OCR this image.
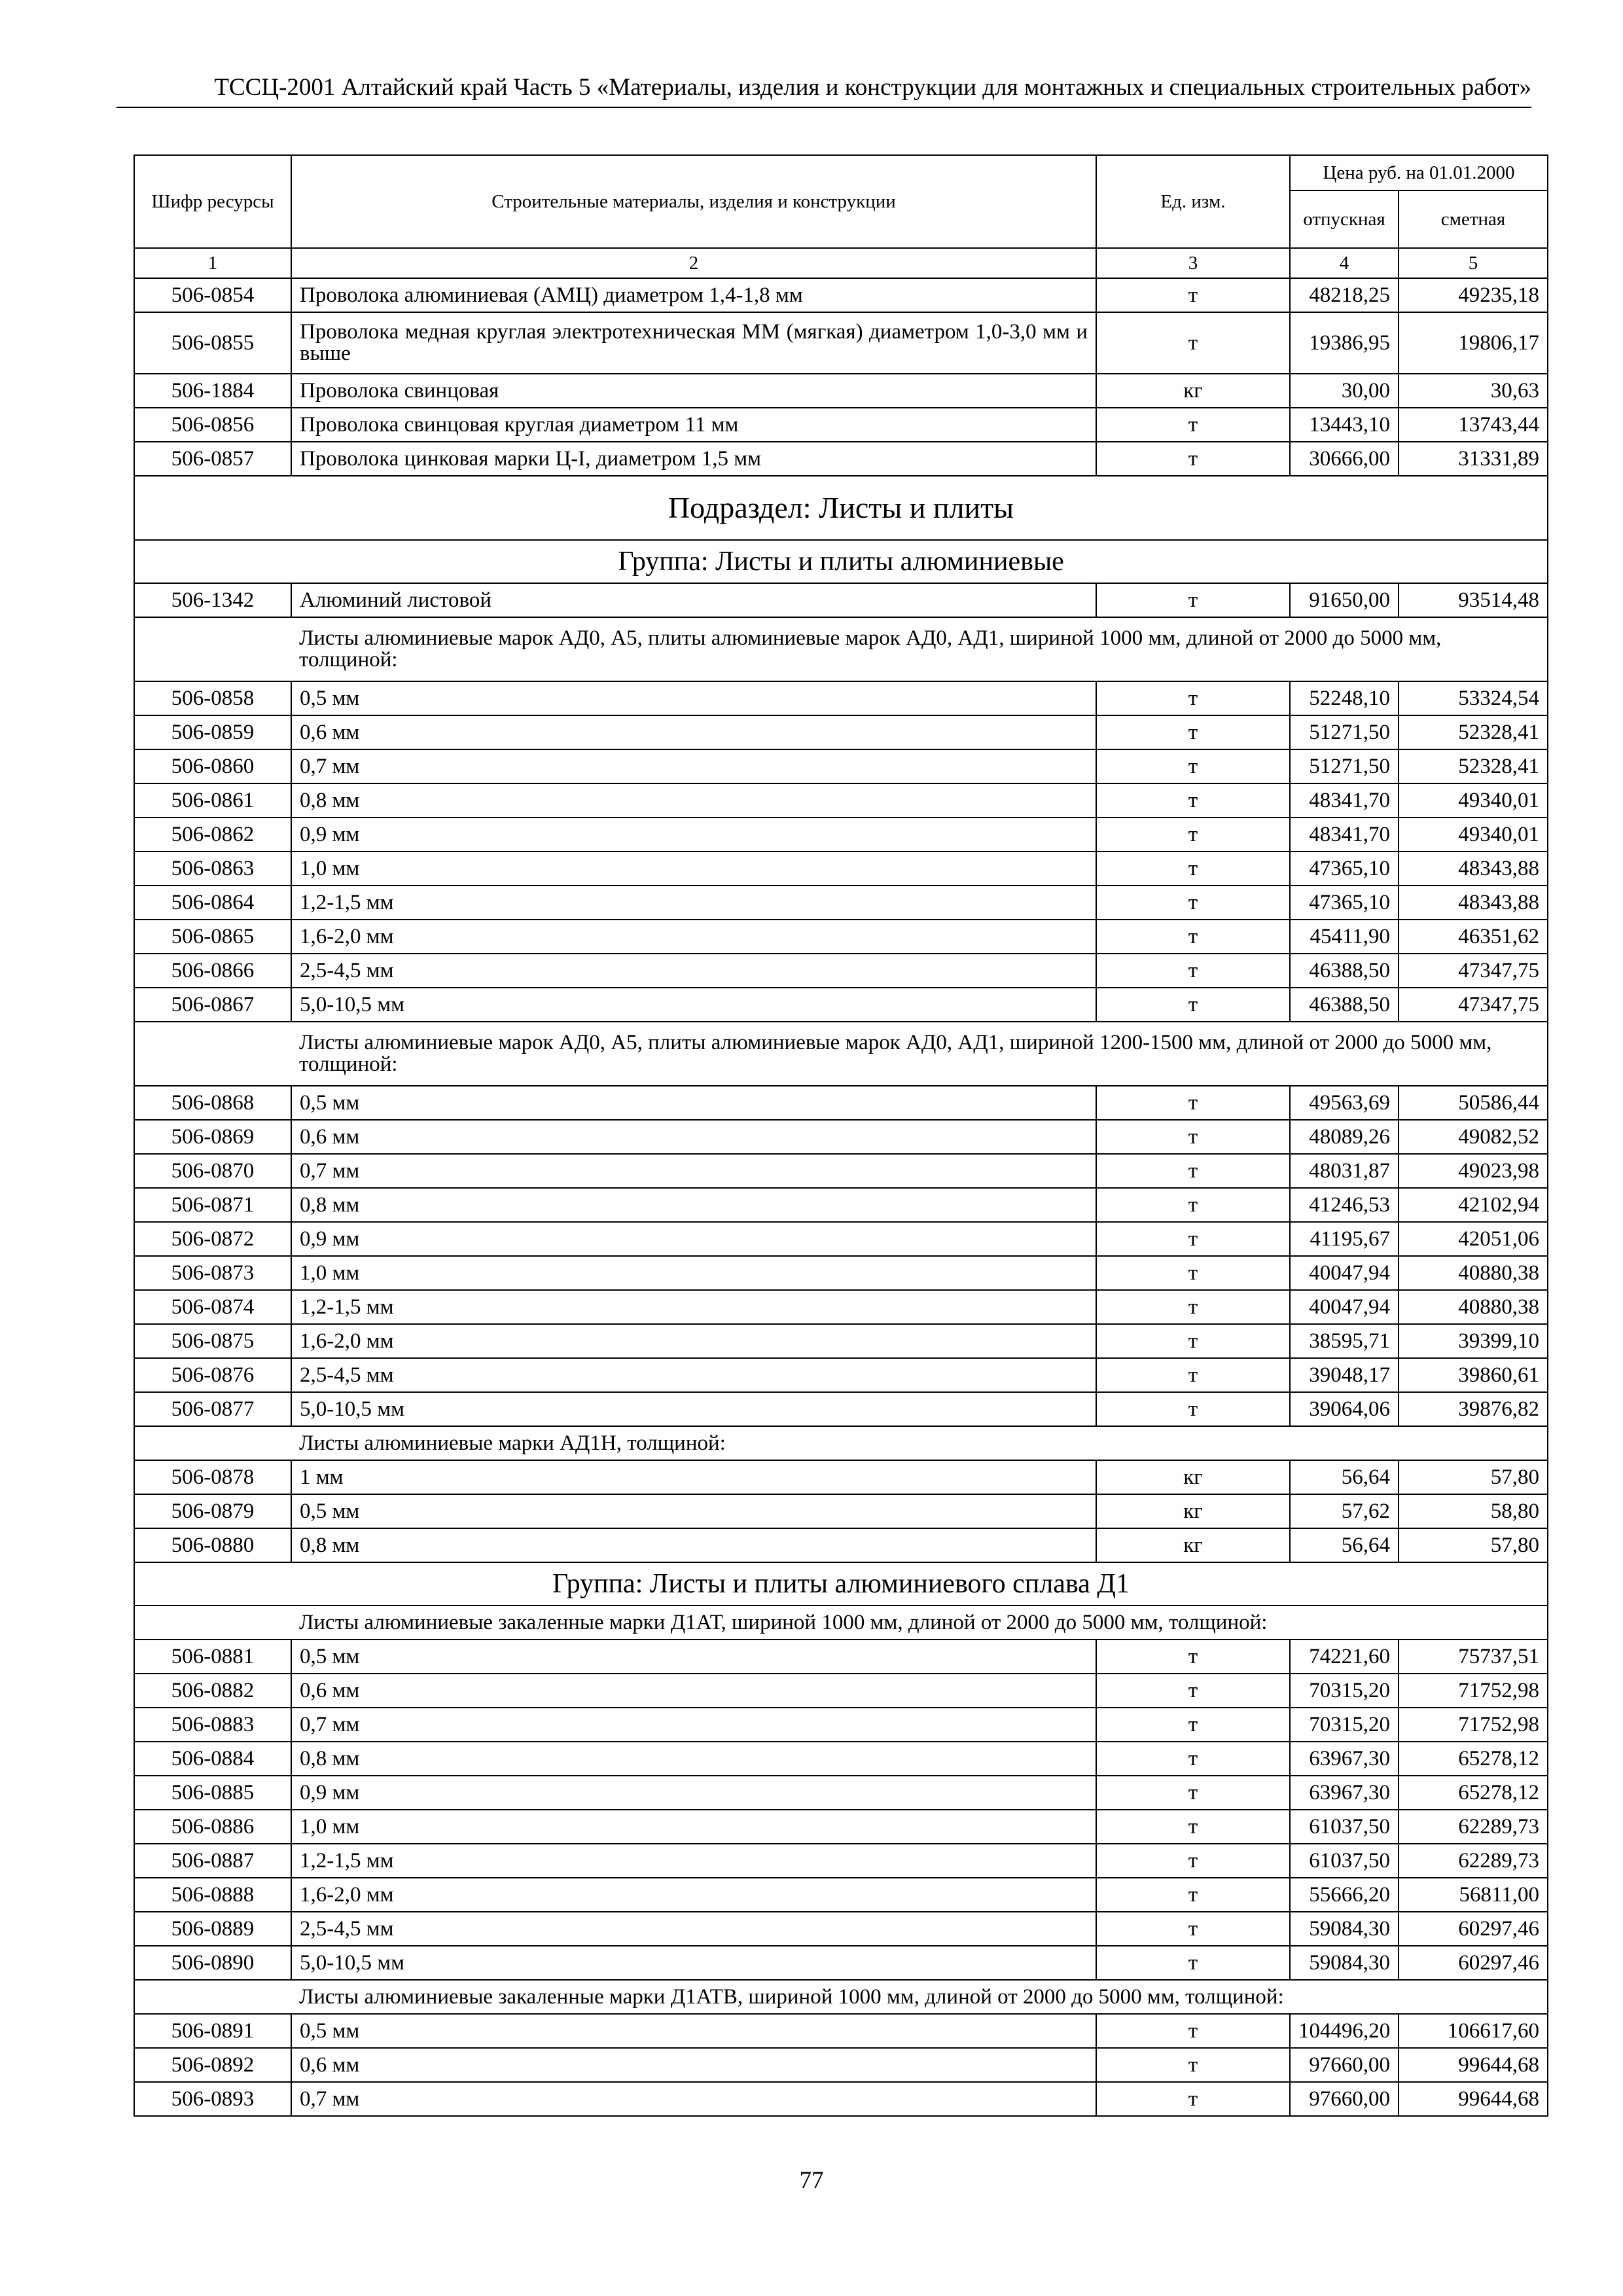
ТССЦ-2001 Алтайский край Часть 5 «Материалы, изделия и конструкции для монтажных и специальных строительных работ»
Шифр ресурсы	Строительные материалы, изделия и конструкции	Ед. изм.	Цена руб. на 01.01.2000	
			отпускная	сметная
1	2	3	4	5
506-0854	Проволока алюминиевая (АМЦ) диаметром 1,4-1,8 мм	т	48218,25	49235,18
506-0855	Проволока медная круглая электротехническая ММ (мягкая) диаметром 1,0-3,0 мм и выше	т	19386,95	19806,17
506-1884	Проволока свинцовая	кг	30,00	30,63
506-0856	Проволока свинцовая круглая диаметром 11 мм	т	13443,10	13743,44
506-0857	Проволока цинковая марки Ц-I, диаметром 1,5 мм	т	30666,00	31331,89
Подраздел: Листы и плиты				
Группа: Листы и плиты алюминиевые				
506-1342	Алюминий листовой	т	91650,00	93514,48
	Листы алюминиевые марок АД0, А5, плиты алюминиевые марок АД0, АД1, шириной 1000 мм, длиной от 2000 до 5000 мм, толщиной:			
506-0858	0,5 мм	т	52248,10	53324,54
506-0859	0,6 мм	т	51271,50	52328,41
506-0860	0,7 мм	т	51271,50	52328,41
506-0861	0,8 мм	т	48341,70	49340,01
506-0862	0,9 мм	т	48341,70	49340,01
506-0863	1,0 мм	т	47365,10	48343,88
506-0864	1,2-1,5 мм	т	47365,10	48343,88
506-0865	1,6-2,0 мм	т	45411,90	46351,62
506-0866	2,5-4,5 мм	т	46388,50	47347,75
506-0867	5,0-10,5 мм	т	46388,50	47347,75
	Листы алюминиевые марок АД0, А5, плиты алюминиевые марок АД0, АД1, шириной 1200-1500 мм, длиной от 2000 до 5000 мм, толщиной:			
506-0868	0,5 мм	т	49563,69	50586,44
506-0869	0,6 мм	т	48089,26	49082,52
506-0870	0,7 мм	т	48031,87	49023,98
506-0871	0,8 мм	т	41246,53	42102,94
506-0872	0,9 мм	т	41195,67	42051,06
506-0873	1,0 мм	т	40047,94	40880,38
506-0874	1,2-1,5 мм	т	40047,94	40880,38
506-0875	1,6-2,0 мм	т	38595,71	39399,10
506-0876	2,5-4,5 мм	т	39048,17	39860,61
506-0877	5,0-10,5 мм	т	39064,06	39876,82
	Листы алюминиевые марки АД1Н, толщиной:			
506-0878	1 мм	кг	56,64	57,80
506-0879	0,5 мм	кг	57,62	58,80
506-0880	0,8 мм	кг	56,64	57,80
Группа: Листы и плиты алюминиевого сплава Д1				
	Листы алюминиевые закаленные марки Д1АТ, шириной 1000 мм, длиной от 2000 до 5000 мм, толщиной:			
506-0881	0,5 мм	т	74221,60	75737,51
506-0882	0,6 мм	т	70315,20	71752,98
506-0883	0,7 мм	т	70315,20	71752,98
506-0884	0,8 мм	т	63967,30	65278,12
506-0885	0,9 мм	т	63967,30	65278,12
506-0886	1,0 мм	т	61037,50	62289,73
506-0887	1,2-1,5 мм	т	61037,50	62289,73
506-0888	1,6-2,0 мм	т	55666,20	56811,00
506-0889	2,5-4,5 мм	т	59084,30	60297,46
506-0890	5,0-10,5 мм	т	59084,30	60297,46
	Листы алюминиевые закаленные марки Д1АТВ, шириной 1000 мм, длиной от 2000 до 5000 мм, толщиной:			
506-0891	0,5 мм	т	104496,20	106617,60
506-0892	0,6 мм	т	97660,00	99644,68
506-0893	0,7 мм	т	97660,00	99644,68
77
